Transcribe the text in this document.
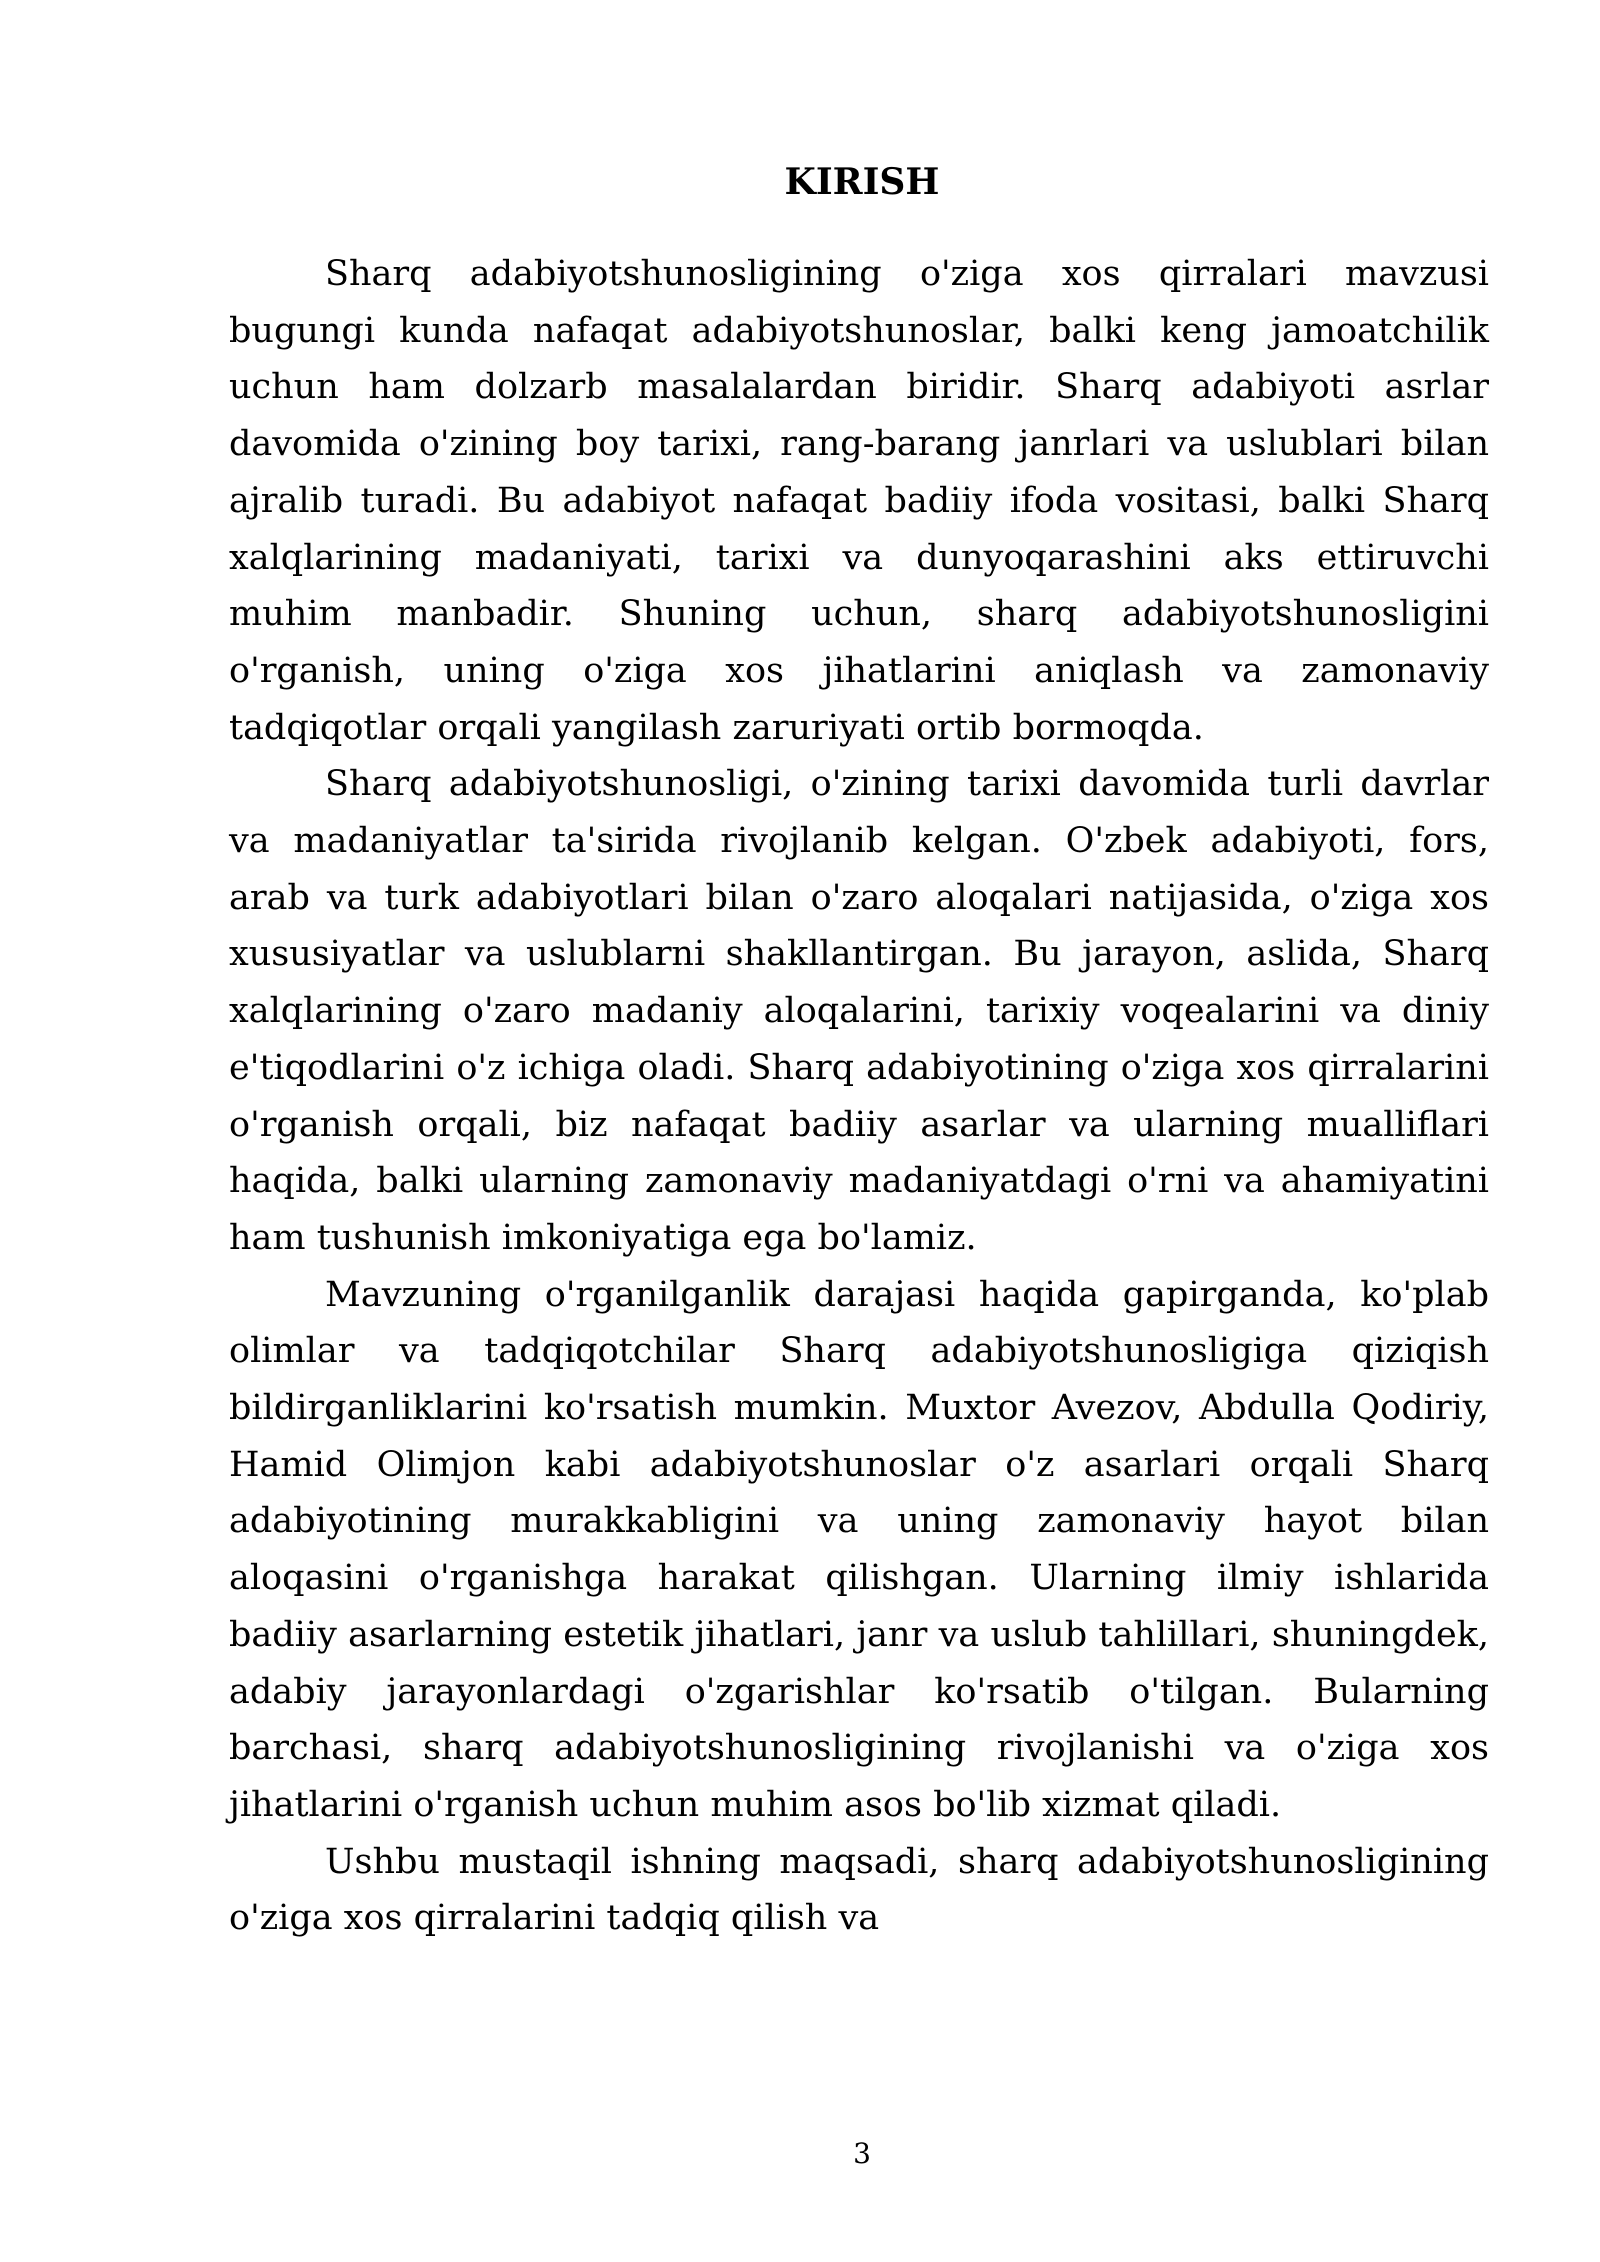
KIRISH

Sharq adabiyotshunosligining o'ziga xos qirralari mavzusi bugungi kunda nafaqat adabiyotshunoslar, balki keng jamoatchilik uchun ham dolzarb masalalardan biridir. Sharq adabiyoti asrlar davomida o'zining boy tarixi, rang-barang janrlari va uslublari bilan ajralib turadi. Bu adabiyot nafaqat badiiy ifoda vositasi, balki Sharq xalqlarining madaniyati, tarixi va dunyoqarashini aks ettiruvchi muhim manbadir. Shuning uchun, sharq adabiyotshunosligini o'rganish, uning o'ziga xos jihatlarini aniqlash va zamonaviy tadqiqotlar orqali yangilash zaruriyati ortib bormoqda.

Sharq adabiyotshunosligi, o'zining tarixi davomida turli davrlar va madaniyatlar ta'sirida rivojlanib kelgan. O'zbek adabiyoti, fors, arab va turk adabiyotlari bilan o'zaro aloqalari natijasida, o'ziga xos xususiyatlar va uslublarni shakllantirgan. Bu jarayon, aslida, Sharq xalqlarining o'zaro madaniy aloqalarini, tarixiy voqealarini va diniy e'tiqodlarini o'z ichiga oladi. Sharq adabiyotining o'ziga xos qirralarini o'rganish orqali, biz nafaqat badiiy asarlar va ularning mualliflari haqida, balki ularning zamonaviy madaniyatdagi o'rni va ahamiyatini ham tushunish imkoniyatiga ega bo'lamiz.

Mavzuning o'rganilganlik darajasi haqida gapirganda, ko'plab olimlar va tadqiqotchilar Sharq adabiyotshunosligiga qiziqish bildirganliklarini ko'rsatish mumkin. Muxtor Avezov, Abdulla Qodiriy, Hamid Olimjon kabi adabiyotshunoslar o'z asarlari orqali Sharq adabiyotining murakkabligini va uning zamonaviy hayot bilan aloqasini o'rganishga harakat qilishgan. Ularning ilmiy ishlarida badiiy asarlarning estetik jihatlari, janr va uslub tahlillari, shuningdek, adabiy jarayonlardagi o'zgarishlar ko'rsatib o'tilgan. Bularning barchasi, sharq adabiyotshunosligining rivojlanishi va o'ziga xos jihatlarini o'rganish uchun muhim asos bo'lib xizmat qiladi.

Ushbu mustaqil ishning maqsadi, sharq adabiyotshunosligining o'ziga xos qirralarini tadqiq qilish va

3
